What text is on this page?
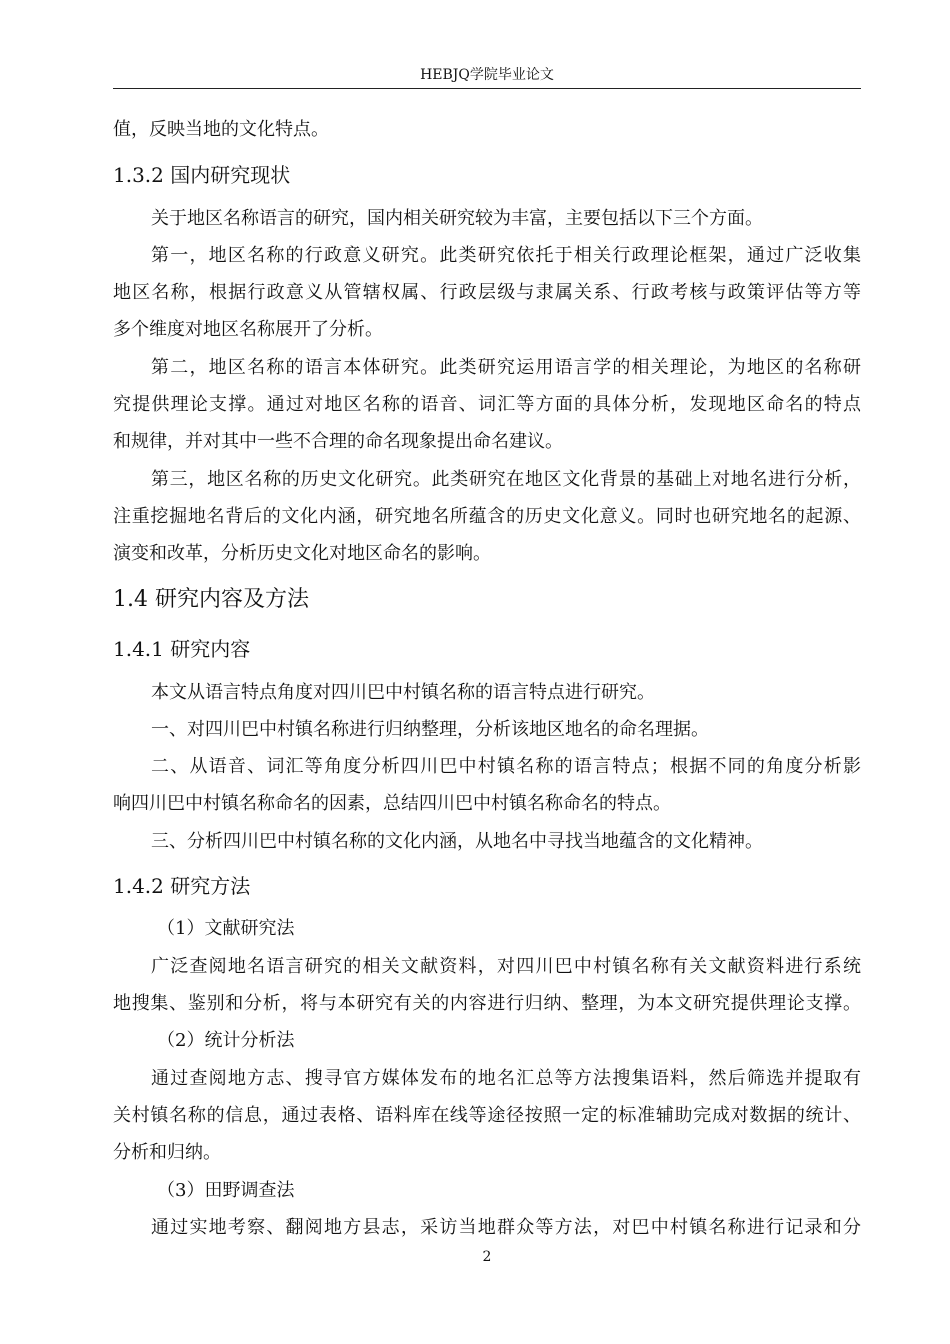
HEBJQ学院毕业论文
值，反映当地的文化特点。
1.3.2 国内研究现状
关于地区名称语言的研究，国内相关研究较为丰富，主要包括以下三个方面。
第一，地区名称的行政意义研究。此类研究依托于相关行政理论框架，通过广泛收集
地区名称，根据行政意义从管辖权属、行政层级与隶属关系、行政考核与政策评估等方等
多个维度对地区名称展开了分析。
第二，地区名称的语言本体研究。此类研究运用语言学的相关理论，为地区的名称研
究提供理论支撑。通过对地区名称的语音、词汇等方面的具体分析，发现地区命名的特点
和规律，并对其中一些不合理的命名现象提出命名建议。
第三，地区名称的历史文化研究。此类研究在地区文化背景的基础上对地名进行分析，
注重挖掘地名背后的文化内涵，研究地名所蕴含的历史文化意义。同时也研究地名的起源、
演变和改革，分析历史文化对地区命名的影响。
1.4 研究内容及方法
1.4.1 研究内容
本文从语言特点角度对四川巴中村镇名称的语言特点进行研究。
一、对四川巴中村镇名称进行归纳整理，分析该地区地名的命名理据。
二、从语音、词汇等角度分析四川巴中村镇名称的语言特点；根据不同的角度分析影
响四川巴中村镇名称命名的因素，总结四川巴中村镇名称命名的特点。
三、分析四川巴中村镇名称的文化内涵，从地名中寻找当地蕴含的文化精神。
1.4.2 研究方法
（1）文献研究法
广泛查阅地名语言研究的相关文献资料，对四川巴中村镇名称有关文献资料进行系统
地搜集、鉴别和分析，将与本研究有关的内容进行归纳、整理，为本文研究提供理论支撑。
（2）统计分析法
通过查阅地方志、搜寻官方媒体发布的地名汇总等方法搜集语料，然后筛选并提取有
关村镇名称的信息，通过表格、语料库在线等途径按照一定的标准辅助完成对数据的统计、
分析和归纳。
（3）田野调查法
通过实地考察、翻阅地方县志，采访当地群众等方法，对巴中村镇名称进行记录和分
2
